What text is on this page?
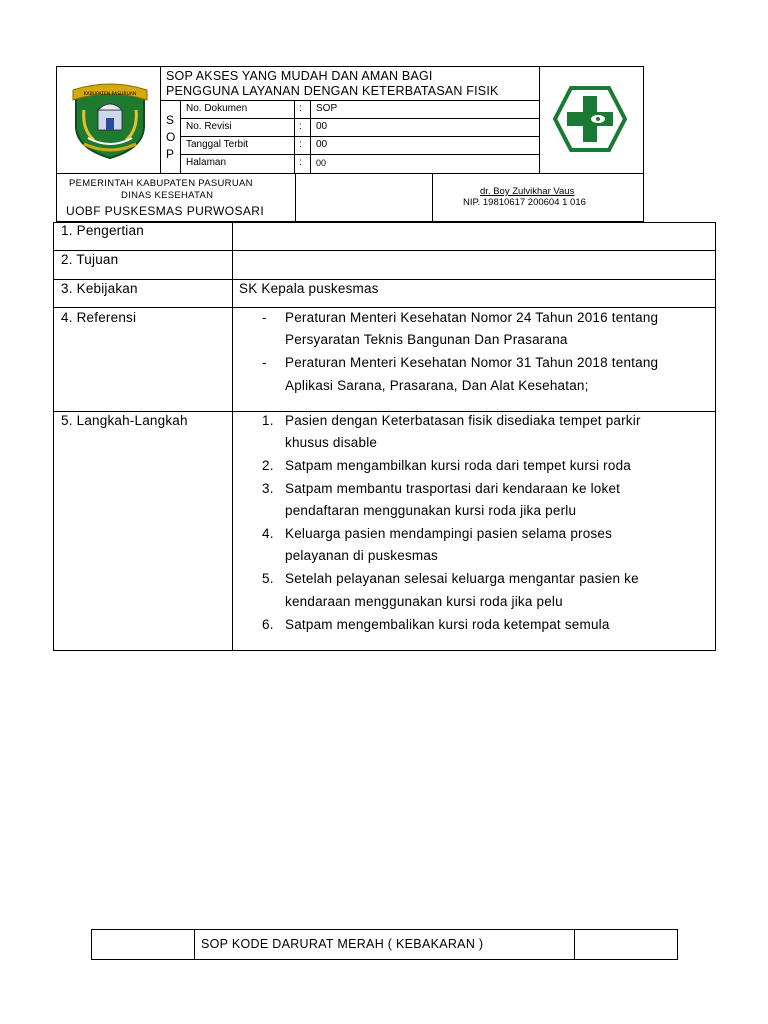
KABUPATEN PASURUAN
SOP AKSES YANG MUDAH DAN AMAN BAGI
PENGGUNA LAYANAN DENGAN KETERBATASAN FISIK
S
O
P
No. Dokumen	: SOP
No. Revisi	: 00
Tanggal Terbit	: 00
Halaman	: 00
PEMERINTAH KABUPATEN PASURUAN
DINAS KESEHATAN
UOBF PUSKESMAS PURWOSARI
dr. Boy Zulvikhar Vaus
NIP. 19810617 200604 1 016
1. Pengertian
2. Tujuan
3. Kebijakan	SK Kepala puskesmas
4. Referensi	- Peraturan Menteri Kesehatan Nomor 24 Tahun 2016 tentang
Persyaratan Teknis Bangunan Dan Prasarana
- Peraturan Menteri Kesehatan Nomor 31 Tahun 2018 tentang
Aplikasi Sarana, Prasarana, Dan Alat Kesehatan;
5. Langkah-Langkah	1. Pasien dengan Keterbatasan fisik disediaka tempet parkir
khusus disable
2. Satpam mengambilkan kursi roda dari tempet kursi roda
3. Satpam membantu trasportasi dari kendaraan ke loket
pendaftaran menggunakan kursi roda jika perlu
4. Keluarga pasien mendampingi pasien selama proses
pelayanan di puskesmas
5. Setelah pelayanan selesai keluarga mengantar pasien ke
kendaraan menggunakan kursi roda jika pelu
6. Satpam mengembalikan kursi roda ketempat semula
SOP KODE DARURAT MERAH ( KEBAKARAN )
